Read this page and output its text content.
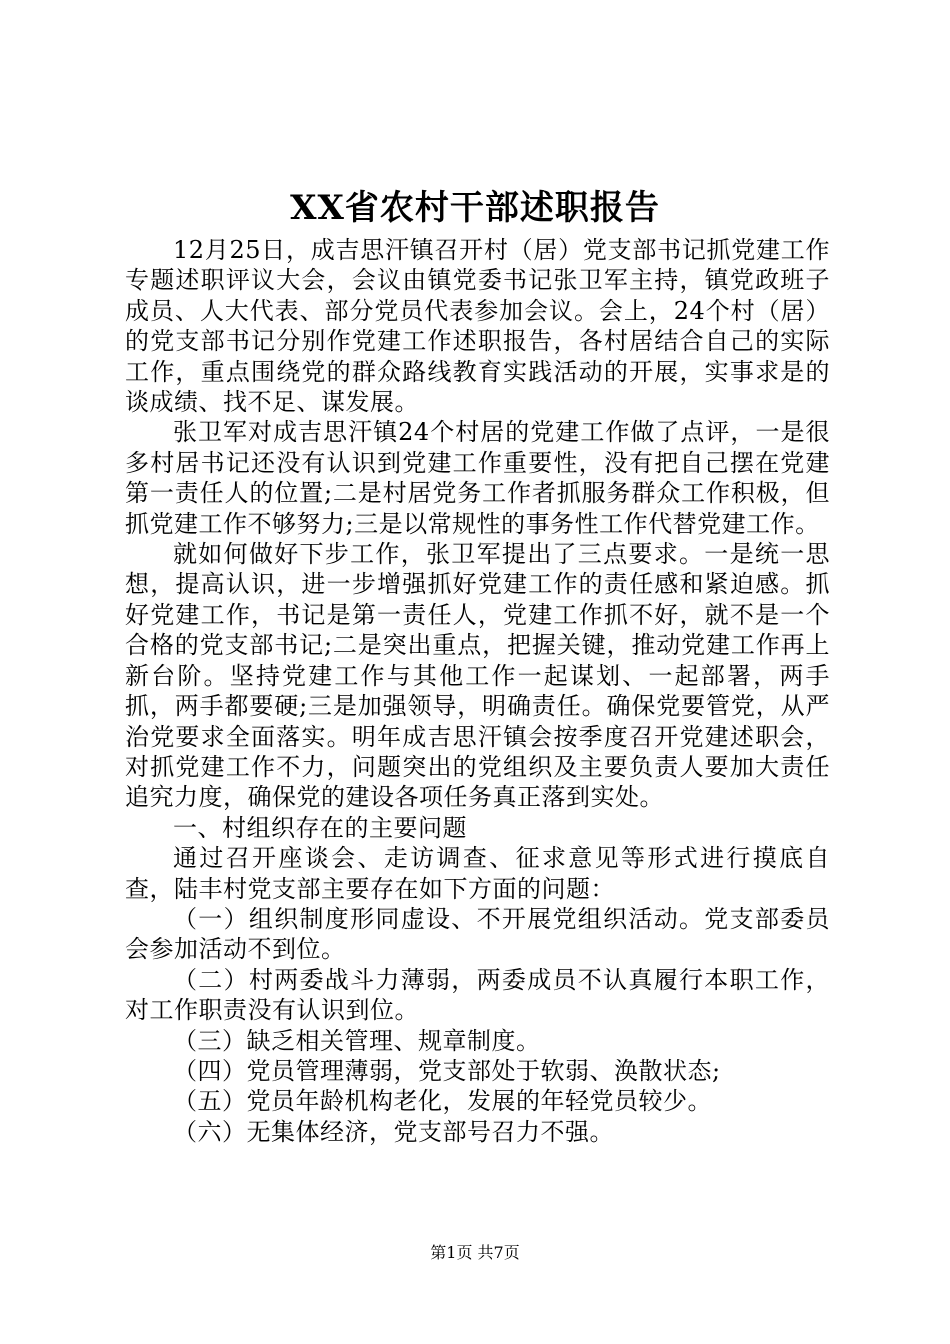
XX省农村干部述职报告

12月25日，成吉思汗镇召开村（居）党支部书记抓党建工作专题述职评议大会，会议由镇党委书记张卫军主持，镇党政班子成员、人大代表、部分党员代表参加会议。会上，24个村（居）的党支部书记分别作党建工作述职报告，各村居结合自己的实际工作，重点围绕党的群众路线教育实践活动的开展，实事求是的谈成绩、找不足、谋发展。

张卫军对成吉思汗镇24个村居的党建工作做了点评，一是很多村居书记还没有认识到党建工作重要性，没有把自己摆在党建第一责任人的位置;二是村居党务工作者抓服务群众工作积极，但抓党建工作不够努力;三是以常规性的事务性工作代替党建工作。

就如何做好下步工作，张卫军提出了三点要求。一是统一思想，提高认识，进一步增强抓好党建工作的责任感和紧迫感。抓好党建工作，书记是第一责任人，党建工作抓不好，就不是一个合格的党支部书记;二是突出重点，把握关键，推动党建工作再上新台阶。坚持党建工作与其他工作一起谋划、一起部署，两手抓，两手都要硬;三是加强领导，明确责任。确保党要管党，从严治党要求全面落实。明年成吉思汗镇会按季度召开党建述职会，对抓党建工作不力，问题突出的党组织及主要负责人要加大责任追究力度，确保党的建设各项任务真正落到实处。

一、村组织存在的主要问题

通过召开座谈会、走访调查、征求意见等形式进行摸底自查，陆丰村党支部主要存在如下方面的问题：

（一）组织制度形同虚设、不开展党组织活动。党支部委员会参加活动不到位。

（二）村两委战斗力薄弱，两委成员不认真履行本职工作，对工作职责没有认识到位。

（三）缺乏相关管理、规章制度。

（四）党员管理薄弱，党支部处于软弱、涣散状态;

（五）党员年龄机构老化，发展的年轻党员较少。

（六）无集体经济，党支部号召力不强。

第1页 共7页
